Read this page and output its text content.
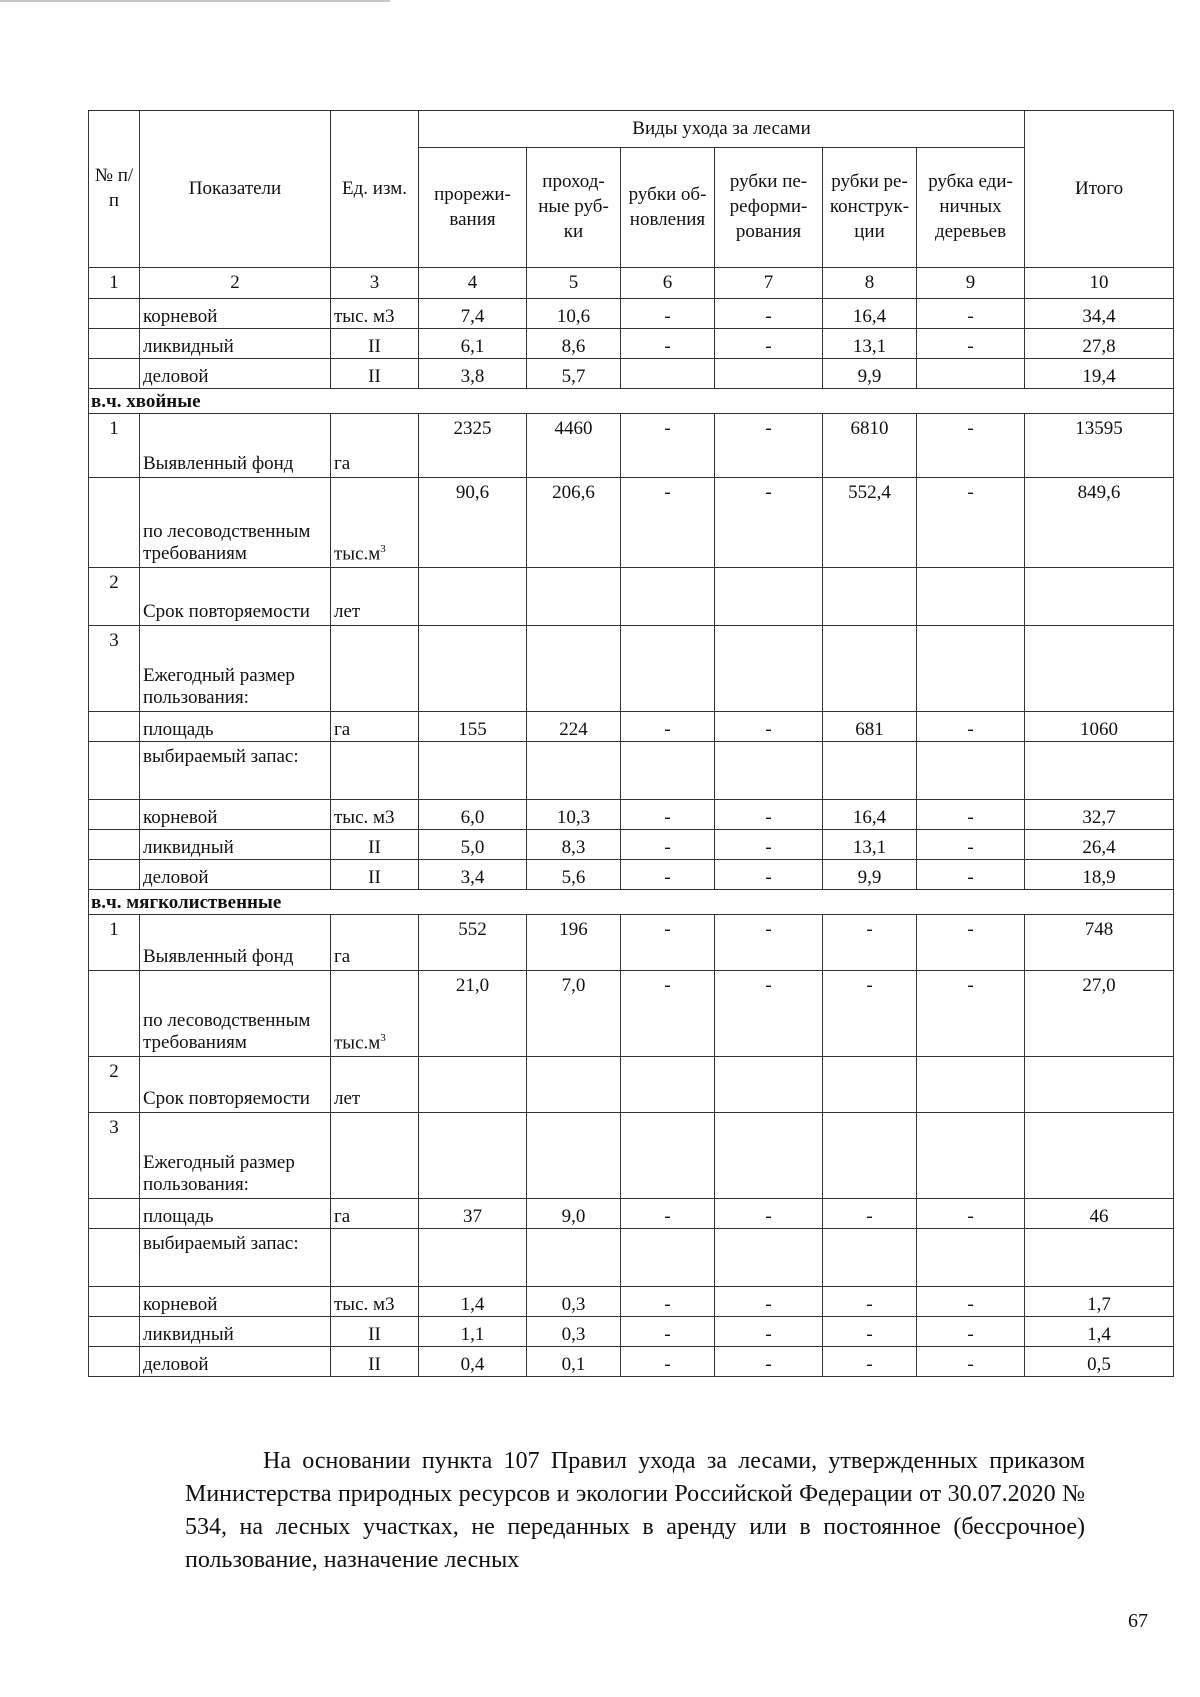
№ п/п	Показатели	Ед. изм.	Виды ухода за лесами						Итого
			прорежи-вания	проход-ные руб-ки	рубки об-новления	рубки пе-реформи-рования	рубки ре-конструк-ции	рубка еди-ничных деревьев	
1	2	3	4	5	6	7	8	9	10
	корневой	тыс. м3	7,4	10,6	-	-	16,4	-	34,4
	ликвидный	II	6,1	8,6	-	-	13,1	-	27,8
	деловой	II	3,8	5,7			9,9		19,4
в.ч. хвойные									
1	Выявленный фонд	га	2325	4460	-	-	6810	-	13595
	по лесоводственным требованиям	$тыс.м^3$	90,6	206,6	-	-	552,4	-	849,6
2	Срок повторяемости	лет							
3	Ежегодный размер пользования:								
	площадь	га	155	224	-	-	681	-	1060
	выбираемый запас:								
	корневой	тыс. м3	6,0	10,3	-	-	16,4	-	32,7
	ликвидный	II	5,0	8,3	-	-	13,1	-	26,4
	деловой	II	3,4	5,6	-	-	9,9	-	18,9
в.ч. мягколиственные									
1	Выявленный фонд	га	552	196	-	-	-	-	748
	по лесоводственным требованиям	$тыс.м^3$	21,0	7,0	-	-	-	-	27,0
2	Срок повторяемости	лет							
3	Ежегодный размер пользования:								
	площадь	га	37	9,0	-	-	-	-	46
	выбираемый запас:								
	корневой	тыс. м3	1,4	0,3	-	-	-	-	1,7
	ликвидный	II	1,1	0,3	-	-	-	-	1,4
	деловой	II	0,4	0,1	-	-	-	-	0,5
На основании пункта 107 Правил ухода за лесами, утвержденных приказом Министерства природных ресурсов и экологии Российской Федерации от 30.07.2020 № 534, на лесных участках, не переданных в аренду или в постоянное (бессрочное) пользование, назначение лесных
67
